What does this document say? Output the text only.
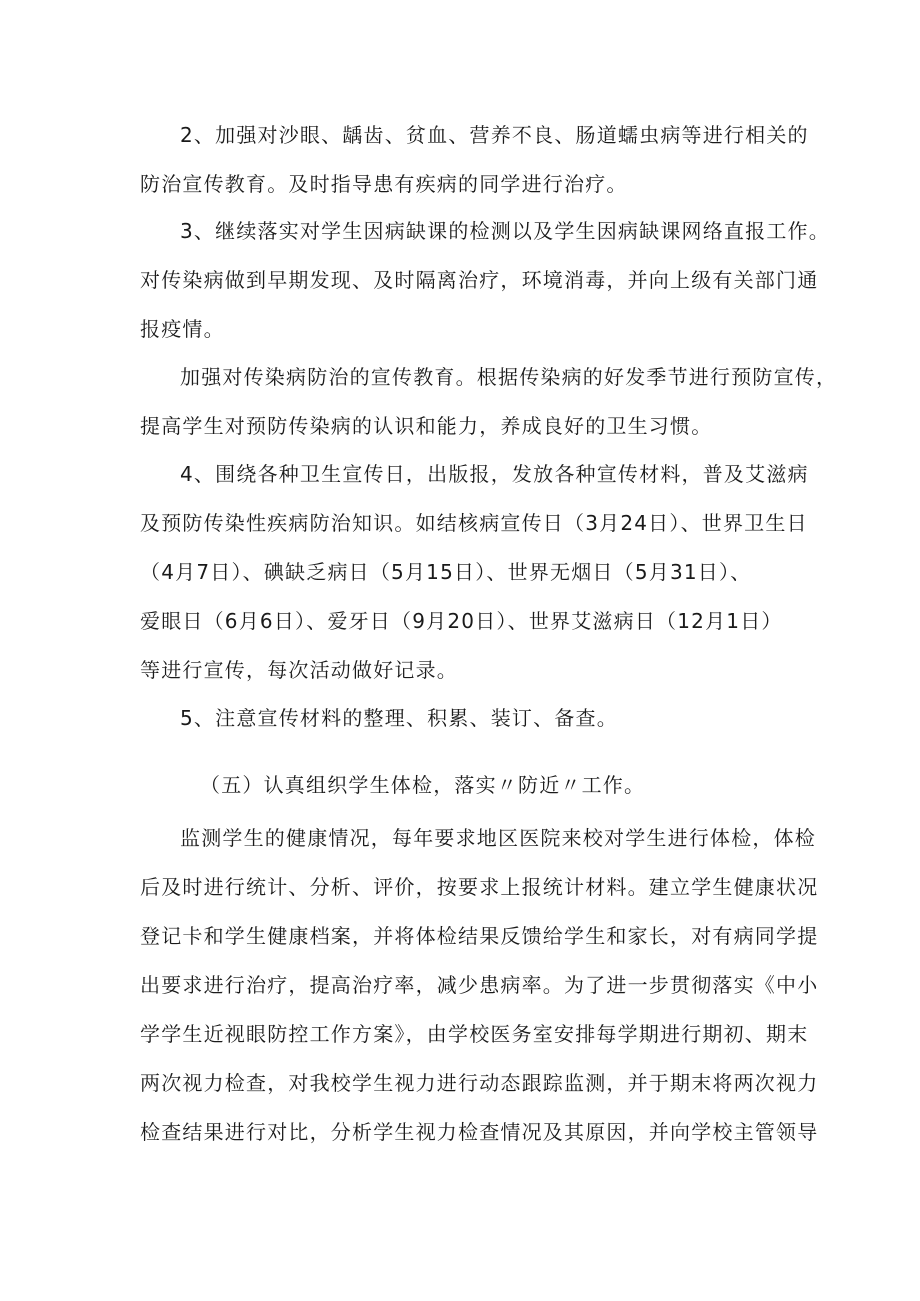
2、加强对沙眼、龋齿、贫血、营养不良、肠道蠕虫病等进行相关的
防治宣传教育。及时指导患有疾病的同学进行治疗。
3、继续落实对学生因病缺课的检测以及学生因病缺课网络直报工作。
对传染病做到早期发现、及时隔离治疗，环境消毒，并向上级有关部门通
报疫情。
加强对传染病防治的宣传教育。根据传染病的好发季节进行预防宣传，
提高学生对预防传染病的认识和能力，养成良好的卫生习惯。
4、围绕各种卫生宣传日，出版报，发放各种宣传材料，普及艾滋病
及预防传染性疾病防治知识。如结核病宣传日（3月24日）、世界卫生日
（4月7日）、碘缺乏病日（5月15日）、世界无烟日（5月31日）、
爱眼日（6月6日）、爱牙日（9月20日）、世界艾滋病日（12月1日）
等进行宣传，每次活动做好记录。
5、注意宣传材料的整理、积累、装订、备查。
（五）认真组织学生体检，落实〃防近〃工作。
监测学生的健康情况，每年要求地区医院来校对学生进行体检，体检
后及时进行统计、分析、评价，按要求上报统计材料。建立学生健康状况
登记卡和学生健康档案，并将体检结果反馈给学生和家长，对有病同学提
出要求进行治疗，提高治疗率，减少患病率。为了进一步贯彻落实《中小
学学生近视眼防控工作方案》，由学校医务室安排每学期进行期初、期末
两次视力检查，对我校学生视力进行动态跟踪监测，并于期末将两次视力
检查结果进行对比，分析学生视力检查情况及其原因，并向学校主管领导
